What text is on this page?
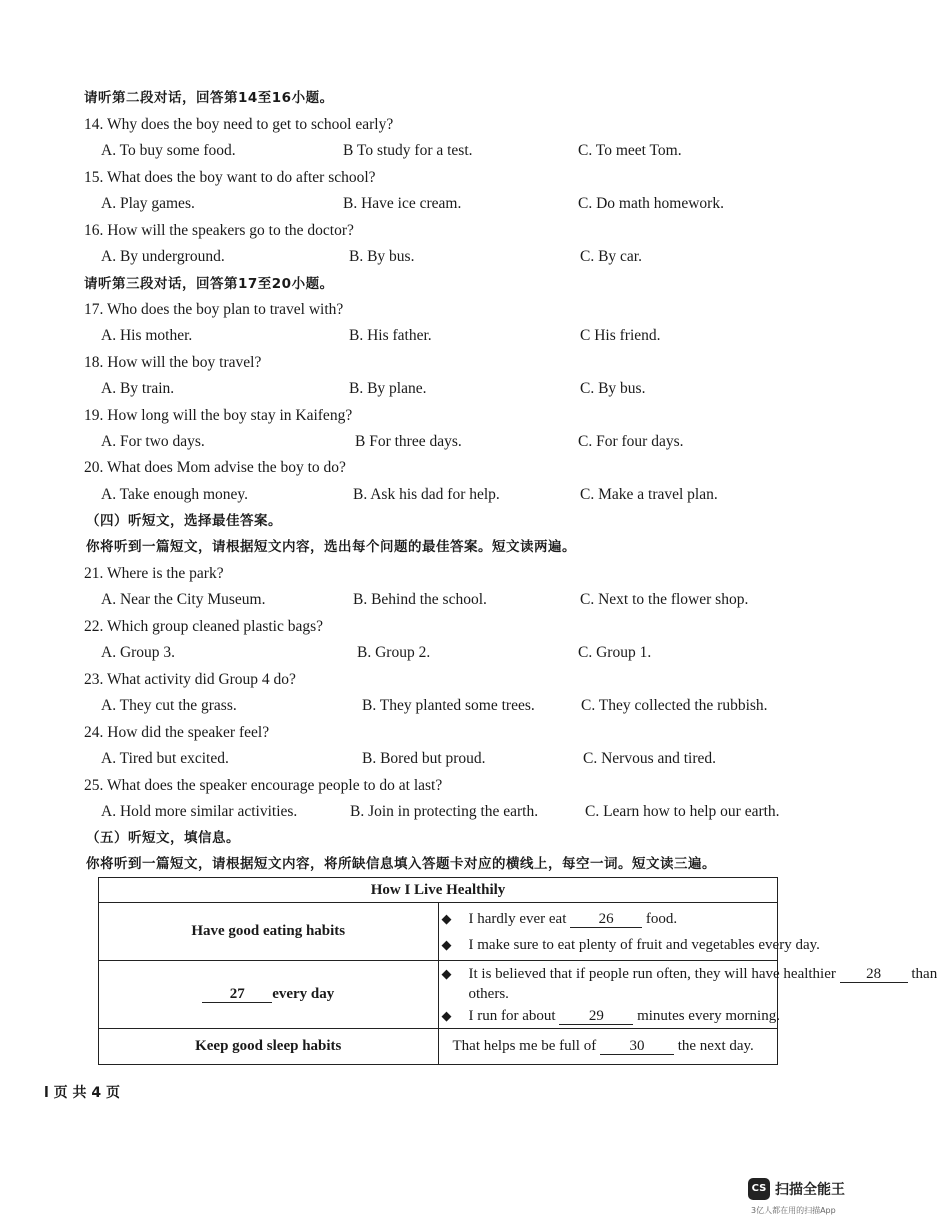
请听第二段对话，回答第14至16小题。
14. Why does the boy need to get to school early?
A. To buy some food.	B To study for a test.	C. To meet Tom.
15. What does the boy want to do after school?
A. Play games.	B. Have ice cream.	C. Do math homework.
16. How will the speakers go to the doctor?
A. By underground.	B. By bus.	C. By car.
请听第三段对话，回答第17至20小题。
17. Who does the boy plan to travel with?
A. His mother.	B. His father.	C His friend.
18. How will the boy travel?
A. By train.	B. By plane.	C. By bus.
19. How long will the boy stay in Kaifeng?
A. For two days.	B For three days.	C. For four days.
20. What does Mom advise the boy to do?
A. Take enough money.	B. Ask his dad for help.	C. Make a travel plan.
（四）听短文，选择最佳答案。
你将听到一篇短文，请根据短文内容，选出每个问题的最佳答案。短文读两遍。
21. Where is the park?
A. Near the City Museum.	B. Behind the school.	C. Next to the flower shop.
22. Which group cleaned plastic bags?
A. Group 3.	B. Group 2.	C. Group 1.
23. What activity did Group 4 do?
A. They cut the grass.	B. They planted some trees.	C. They collected the rubbish.
24. How did the speaker feel?
A. Tired but excited.	B. Bored but proud.	C. Nervous and tired.
25. What does the speaker encourage people to do at last?
A. Hold more similar activities.	B. Join in protecting the earth.	C. Learn how to help our earth.
（五）听短文，填信息。
你将听到一篇短文，请根据短文内容，将所缺信息填入答题卡对应的横线上，每空一词。短文读三遍。
How I Live Healthily	
Have good eating habits	◆ I hardly ever eat 26 food.
◆ I make sure to eat plenty of fruit and vegetables every day.

27 every day	◆ It is believed that if people run often, they will have healthier 28 than
others.
◆ I run for about 29 minutes every morning.

Keep good sleep habits	That helps me be full of 30 the next day.
l 页 共 4 页
CS 扫描全能王
3亿人都在用的扫描App
